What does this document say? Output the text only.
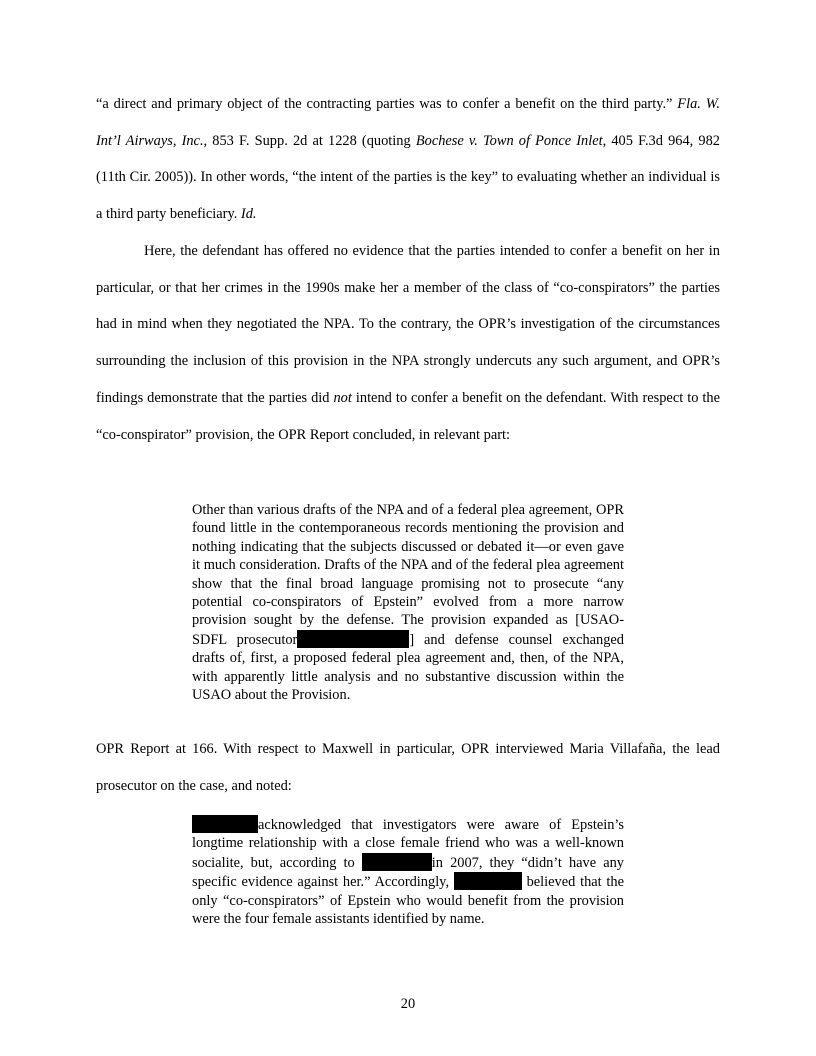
“a direct and primary object of the contracting parties was to confer a benefit on the third party.” Fla. W. Int’l Airways, Inc., 853 F. Supp. 2d at 1228 (quoting Bochese v. Town of Ponce Inlet, 405 F.3d 964, 982 (11th Cir. 2005)). In other words, “the intent of the parties is the key” to evaluating whether an individual is a third party beneficiary. Id.

Here, the defendant has offered no evidence that the parties intended to confer a benefit on her in particular, or that her crimes in the 1990s make her a member of the class of “co-conspirators” the parties had in mind when they negotiated the NPA. To the contrary, the OPR’s investigation of the circumstances surrounding the inclusion of this provision in the NPA strongly undercuts any such argument, and OPR’s findings demonstrate that the parties did not intend to confer a benefit on the defendant. With respect to the “co-conspirator” provision, the OPR Report concluded, in relevant part:

Other than various drafts of the NPA and of a federal plea agreement, OPR found little in the contemporaneous records mentioning the provision and nothing indicating that the subjects discussed or debated it—or even gave it much consideration. Drafts of the NPA and of the federal plea agreement show that the final broad language promising not to prosecute “any potential co-conspirators of Epstein” evolved from a more narrow provision sought by the defense. The provision expanded as [USAO-SDFL prosecutor	] and defense counsel exchanged drafts of, first, a proposed federal plea agreement and, then, of the NPA, with apparently little analysis and no substantive discussion within the USAO about the Provision.

OPR Report at 166. With respect to Maxwell in particular, OPR interviewed Maria Villafaña, the lead prosecutor on the case, and noted:

acknowledged that investigators were aware of Epstein’s longtime relationship with a close female friend who was a well-known socialite, but, according to	in 2007, they “didn’t have any specific evidence against her.” Accordingly,	believed that the only “co-conspirators” of Epstein who would benefit from the provision were the four female assistants identified by name.
20
